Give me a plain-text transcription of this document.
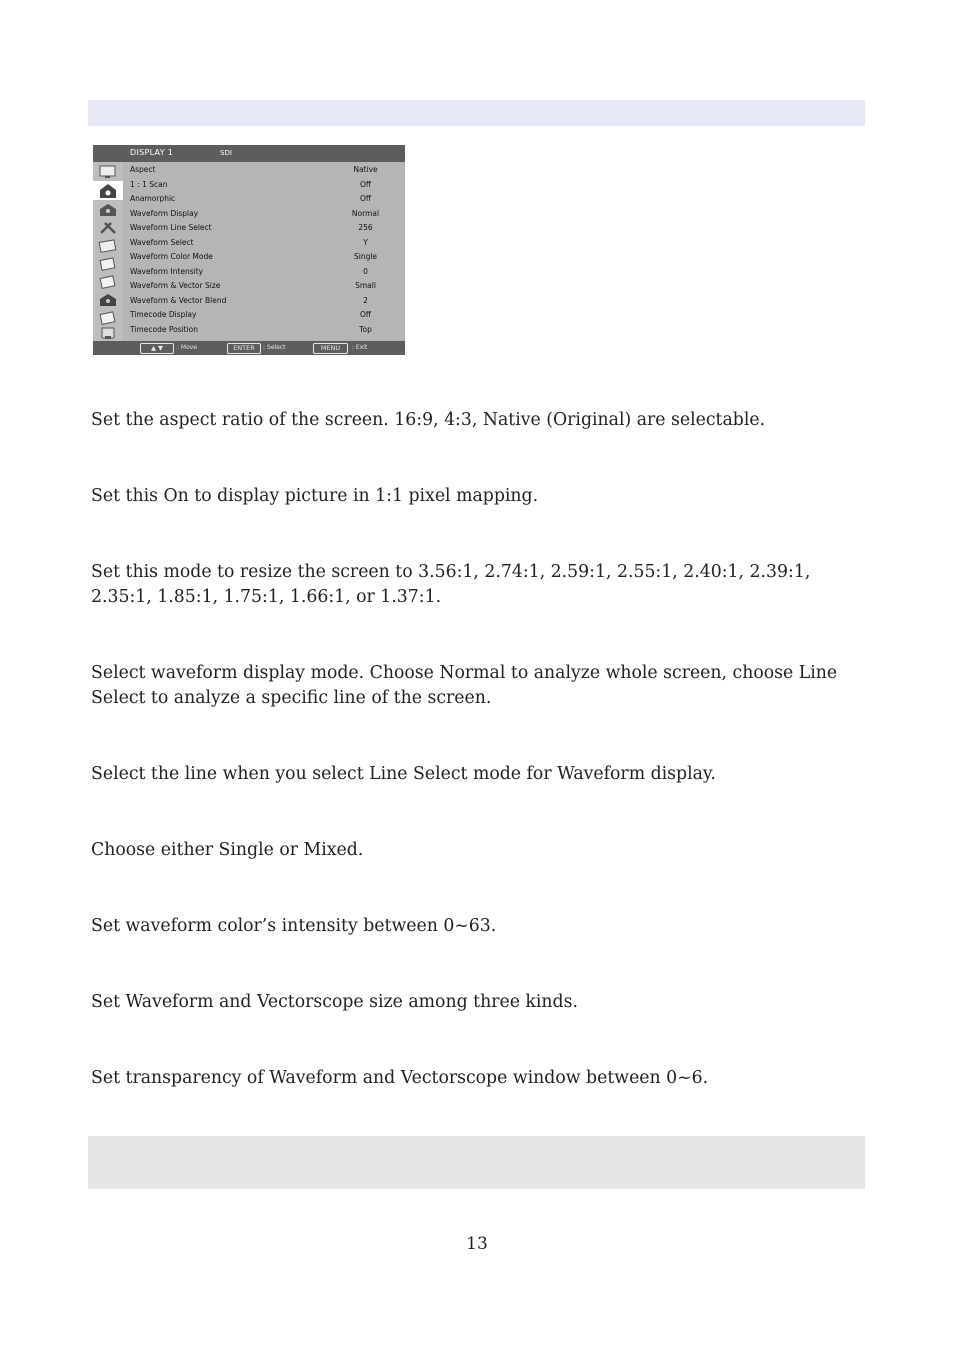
DISPLAY 1	SDI
Aspect	Native
1 : 1 Scan	Off
Anamorphic	Off
Waveform Display	Normal
Waveform Line Select	256
Waveform Select	Y
Waveform Color Mode	Single
Waveform Intensity	0
Waveform & Vector Size	Small
Waveform & Vector Blend	2
Timecode Display	Off
Timecode Position	Top
▲ ▼	: Move	ENTER	: Select	MENU	: Exit

Set the aspect ratio of the screen. 16:9, 4:3, Native (Original) are selectable.

Set this On to display picture in 1:1 pixel mapping.

Set this mode to resize the screen to 3.56:1, 2.74:1, 2.59:1, 2.55:1, 2.40:1, 2.39:1, 2.35:1, 1.85:1, 1.75:1, 1.66:1, or 1.37:1.

Select waveform display mode. Choose Normal to analyze whole screen, choose Line Select to analyze a specific line of the screen.

Select the line when you select Line Select mode for Waveform display.

Choose either Single or Mixed.

Set waveform color’s intensity between 0~63.

Set Waveform and Vectorscope size among three kinds.

Set transparency of Waveform and Vectorscope window between 0~6.

13
